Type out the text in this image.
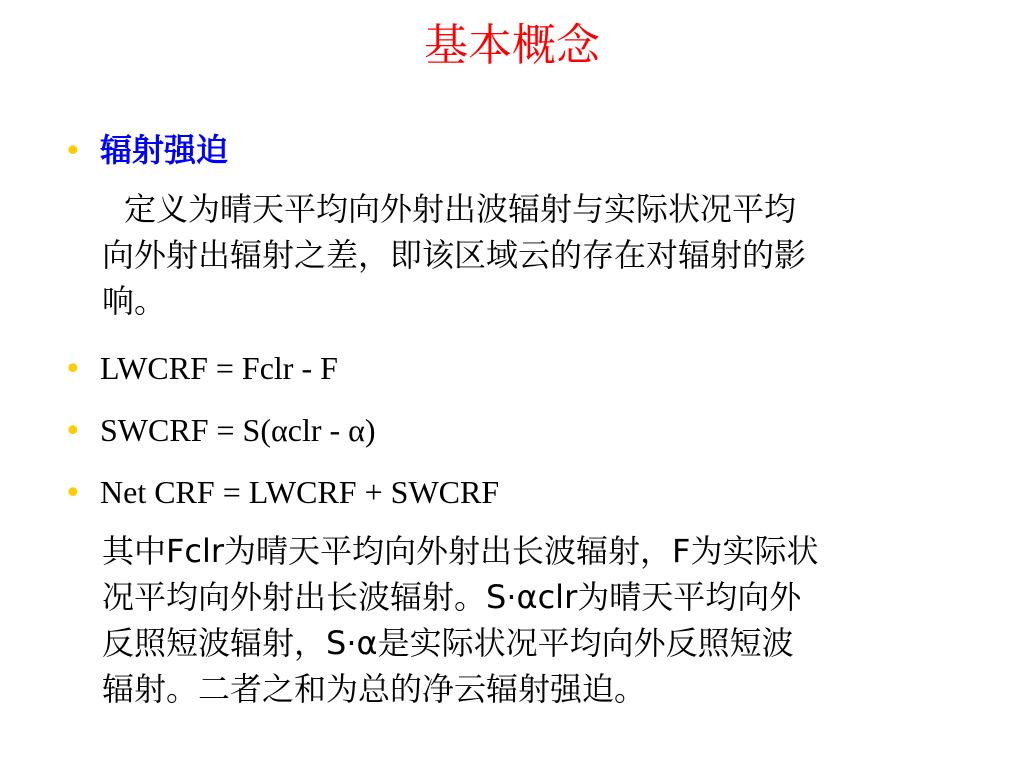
基本概念
• 辐射强迫
定义为晴天平均向外射出波辐射与实际状况平均
向外射出辐射之差，即该区域云的存在对辐射的影
响。
• LWCRF = Fclr - F
• SWCRF = S(αclr - α)
• Net CRF = LWCRF + SWCRF
其中Fclr为晴天平均向外射出长波辐射，F为实际状
况平均向外射出长波辐射。S·αclr为晴天平均向外
反照短波辐射，S·α是实际状况平均向外反照短波
辐射。二者之和为总的净云辐射强迫。
